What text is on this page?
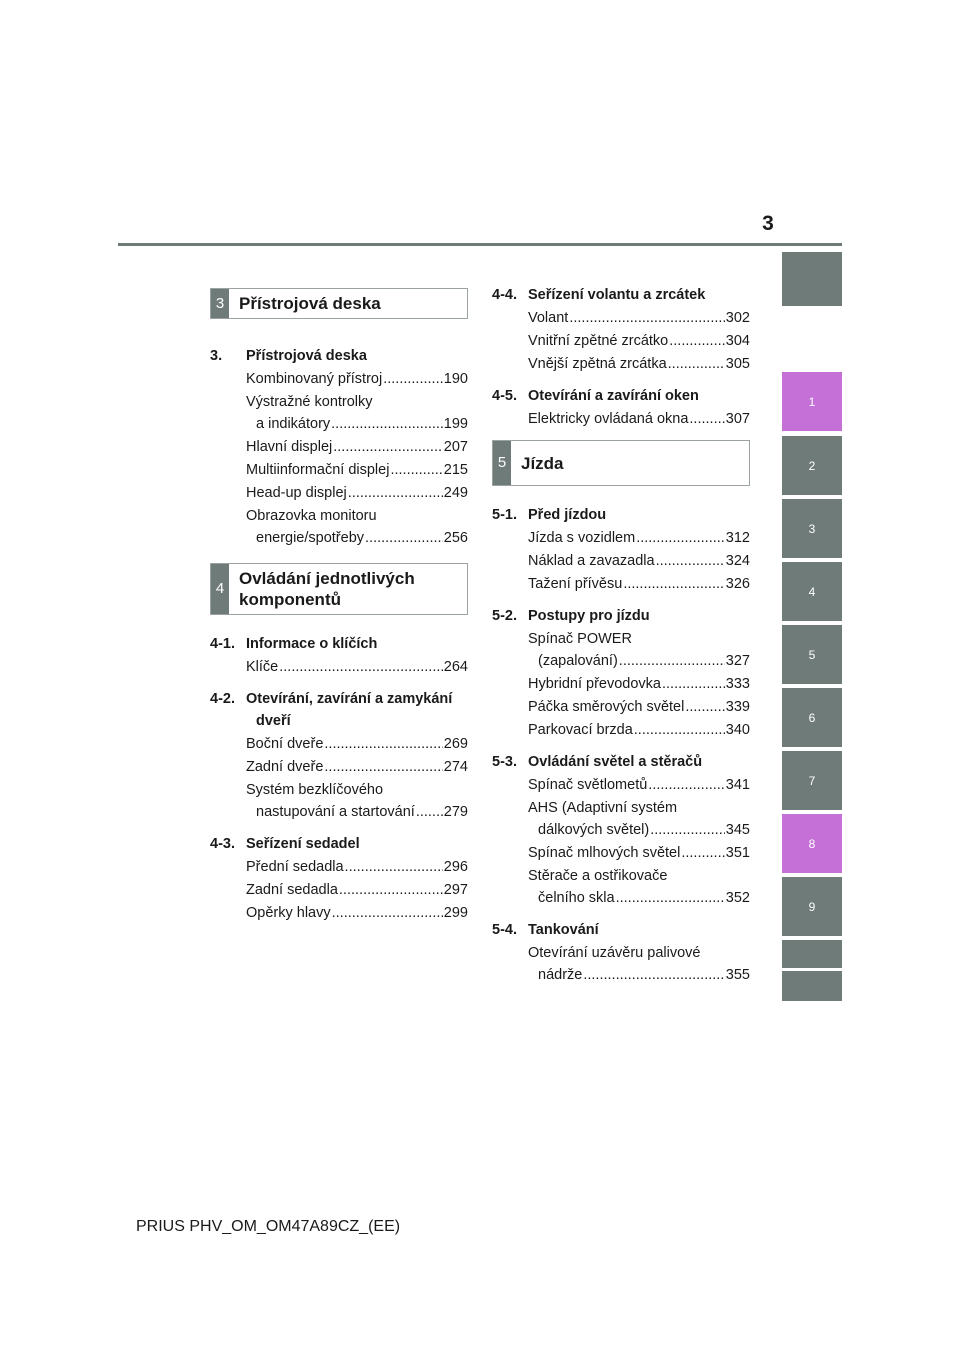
3
1
2
3
4
5
6
7
8
9
3 Přístrojová deska
3.	Přístrojová deska
Kombinovaný přístroj .....	190
Výstražné kontrolky
a indikátory .....	199
Hlavní displej .....	207
Multiinformační displej .....	215
Head-up displej .....	249
Obrazovka monitoru
energie/spotřeby .....	256
4
Ovládání jednotlivých komponentů
4-1. Informace o klíčích
Klíče .....	264
4-2. Otevírání, zavírání a zamykání
dveří
Boční dveře .....	269
Zadní dveře .....	274
Systém bezklíčového
nastupování a startování ..... 279
4-3. Seřízení sedadel
Přední sedadla .....	296
Zadní sedadla .....	297
Opěrky hlavy .....	299
4-4. Seřízení volantu a zrcátek
Volant .....	302
Vnitřní zpětné zrcátko .....	304
Vnější zpětná zrcátka .....	305
4-5. Otevírání a zavírání oken
Elektricky ovládaná okna .....	307
5 Jízda
5-1. Před jízdou
Jízda s vozidlem .....	312
Náklad a zavazadla .....	324
Tažení přívěsu .....	326
5-2. Postupy pro jízdu
Spínač POWER
(zapalování) .....	327
Hybridní převodovka .....	333
Páčka směrových světel .....	339
Parkovací brzda .....	340
5-3. Ovládání světel a stěračů
Spínač světlometů .....	341
AHS (Adaptivní systém
dálkových světel) .....	345
Spínač mlhových světel .....	351
Stěrače a ostřikovače
čelního skla .....	352
5-4. Tankování
Otevírání uzávěru palivové
nádrže .....	355
PRIUS PHV_OM_OM47A89CZ_(EE)
